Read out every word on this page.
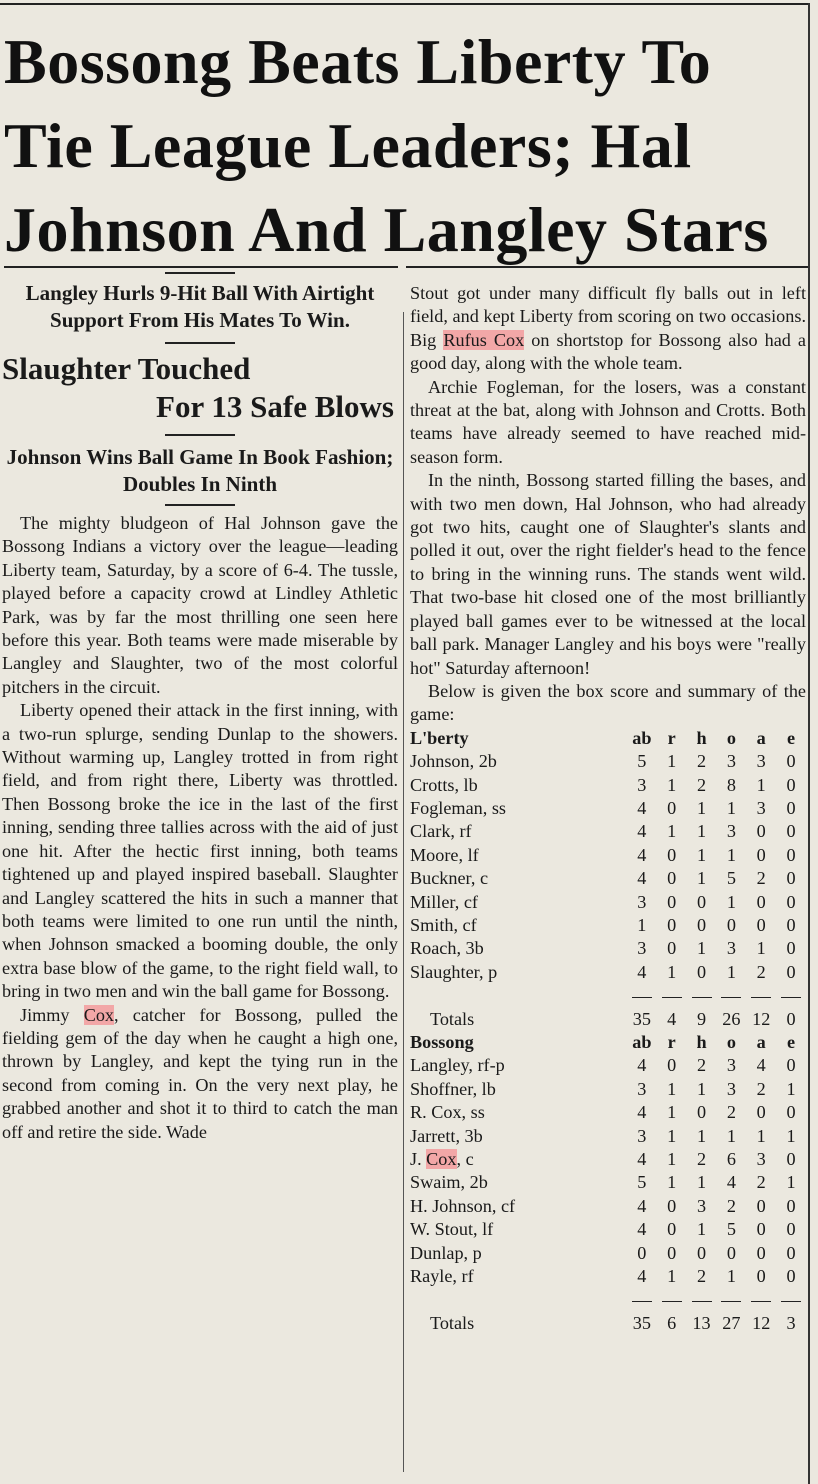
Bossong Beats Liberty To
Tie League Leaders; Hal
Johnson And Langley Stars
Langley Hurls 9-Hit Ball With Airtight Support From His Mates To Win.
Slaughter Touched
For 13 Safe Blows
Johnson Wins Ball Game In Book Fashion; Doubles In Ninth

The mighty bludgeon of Hal Johnson gave the Bossong Indians a victory over the league—leading Liberty team, Saturday, by a score of 6-4. The tussle, played before a capacity crowd at Lindley Athletic Park, was by far the most thrilling one seen here before this year. Both teams were made miserable by Langley and Slaughter, two of the most colorful pitchers in the circuit.

Liberty opened their attack in the first inning, with a two-run splurge, sending Dunlap to the showers. Without warming up, Langley trotted in from right field, and from right there, Liberty was throttled. Then Bossong broke the ice in the last of the first inning, sending three tallies across with the aid of just one hit. After the hectic first inning, both teams tightened up and played inspired baseball. Slaughter and Langley scattered the hits in such a manner that both teams were limited to one run until the ninth, when Johnson smacked a booming double, the only extra base blow of the game, to the right field wall, to bring in two men and win the ball game for Bossong.

Jimmy Cox, catcher for Bossong, pulled the fielding gem of the day when he caught a high one, thrown by Langley, and kept the tying run in the second from coming in. On the very next play, he grabbed another and shot it to third to catch the man off and retire the side. Wade

Stout got under many difficult fly balls out in left field, and kept Liberty from scoring on two occasions. Big Rufus Cox on shortstop for Bossong also had a good day, along with the whole team.

Archie Fogleman, for the losers, was a constant threat at the bat, along with Johnson and Crotts. Both teams have already seemed to have reached mid-season form.

In the ninth, Bossong started filling the bases, and with two men down, Hal Johnson, who had already got two hits, caught one of Slaughter's slants and polled it out, over the right fielder's head to the fence to bring in the winning runs. The stands went wild. That two-base hit closed one of the most brilliantly played ball games ever to be witnessed at the local ball park. Manager Langley and his boys were "really hot" Saturday afternoon!

Below is given the box score and summary of the game:

L'berty	ab	r	h	o	a	e
Johnson, 2b	5	1	2	3	3	0
Crotts, lb	3	1	2	8	1	0
Fogleman, ss	4	0	1	1	3	0
Clark, rf	4	1	1	3	0	0
Moore, lf	4	0	1	1	0	0
Buckner, c	4	0	1	5	2	0
Miller, cf	3	0	0	1	0	0
Smith, cf	1	0	0	0	0	0
Roach, 3b	3	0	1	3	1	0
Slaughter, p	4	1	0	1	2	0

Totals	35	4	9	26	12	0
Bossong	ab	r	h	o	a	e
Langley, rf-p	4	0	2	3	4	0
Shoffner, lb	3	1	1	3	2	1
R. Cox, ss	4	1	0	2	0	0
Jarrett, 3b	3	1	1	1	1	1
J. Cox, c	4	1	2	6	3	0
Swaim, 2b	5	1	1	4	2	1
H. Johnson, cf	4	0	3	2	0	0
W. Stout, lf	4	0	1	5	0	0
Dunlap, p	0	0	0	0	0	0
Rayle, rf	4	1	2	1	0	0

Totals	35	6	13	27	12	3
